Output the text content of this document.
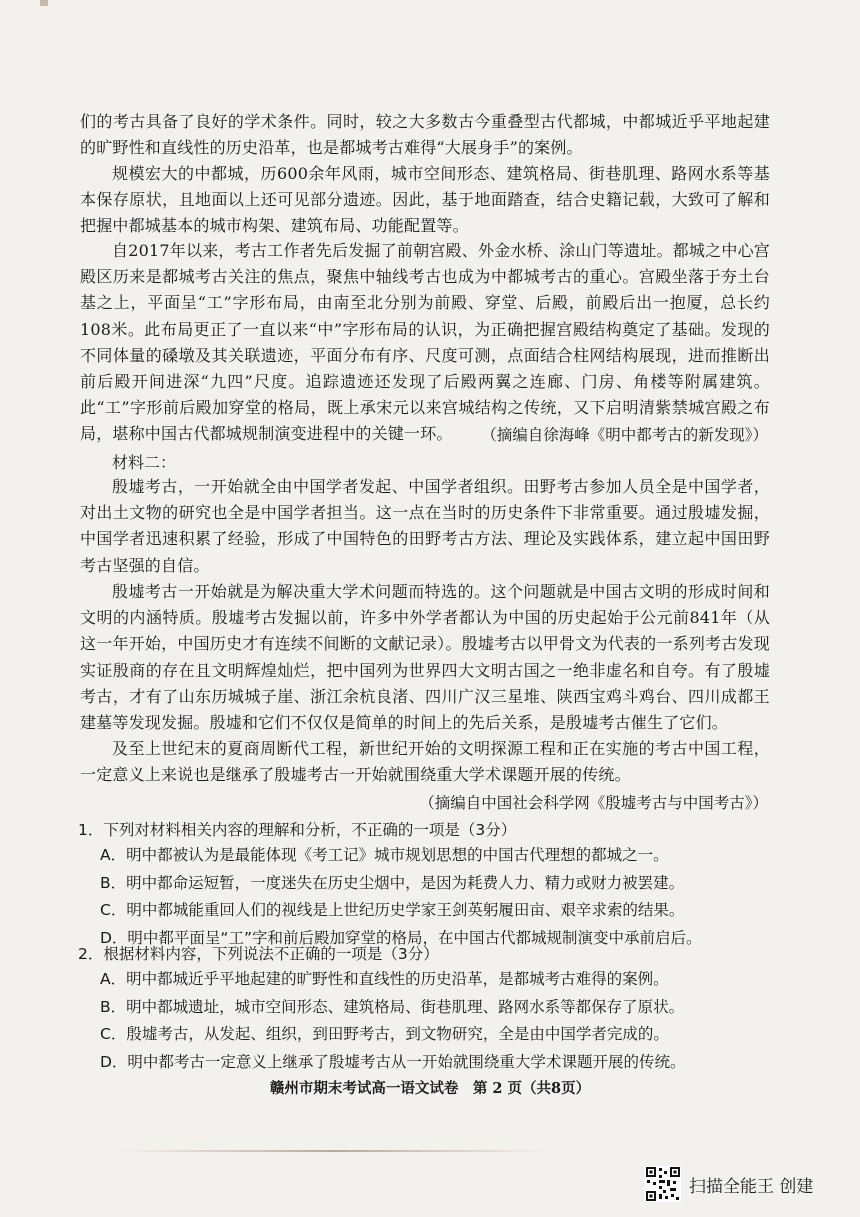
们的考古具备了良好的学术条件。同时，较之大多数古今重叠型古代都城，中都城近乎平地起建的旷野性和直线性的历史沿革，也是都城考古难得“大展身手”的案例。

规模宏大的中都城，历600余年风雨，城市空间形态、建筑格局、街巷肌理、路网水系等基本保存原状，且地面以上还可见部分遗迹。因此，基于地面踏查，结合史籍记载，大致可了解和把握中都城基本的城市构架、建筑布局、功能配置等。

自2017年以来，考古工作者先后发掘了前朝宫殿、外金水桥、涂山门等遗址。都城之中心宫殿区历来是都城考古关注的焦点，聚焦中轴线考古也成为中都城考古的重心。宫殿坐落于夯土台基之上，平面呈“工”字形布局，由南至北分别为前殿、穿堂、后殿，前殿后出一抱厦，总长约108米。此布局更正了一直以来“中”字形布局的认识，为正确把握宫殿结构奠定了基础。发现的不同体量的磉墩及其关联遗迹，平面分布有序、尺度可测，点面结合柱网结构展现，进而推断出前后殿开间进深“九四”尺度。追踪遗迹还发现了后殿两翼之连廊、门房、角楼等附属建筑。此“工”字形前后殿加穿堂的格局，既上承宋元以来宫城结构之传统，又下启明清紫禁城宫殿之布局，堪称中国古代都城规制演变进程中的关键一环。	（摘编自徐海峰《明中都考古的新发现》）

材料二：

殷墟考古，一开始就全由中国学者发起、中国学者组织。田野考古参加人员全是中国学者，对出土文物的研究也全是中国学者担当。这一点在当时的历史条件下非常重要。通过殷墟发掘，中国学者迅速积累了经验，形成了中国特色的田野考古方法、理论及实践体系，建立起中国田野考古坚强的自信。

殷墟考古一开始就是为解决重大学术问题而特选的。这个问题就是中国古文明的形成时间和文明的内涵特质。殷墟考古发掘以前，许多中外学者都认为中国的历史起始于公元前841年（从这一年开始，中国历史才有连续不间断的文献记录）。殷墟考古以甲骨文为代表的一系列考古发现实证殷商的存在且文明辉煌灿烂，把中国列为世界四大文明古国之一绝非虚名和自夸。有了殷墟考古，才有了山东历城城子崖、浙江余杭良渚、四川广汉三星堆、陕西宝鸡斗鸡台、四川成都王建墓等发现发掘。殷墟和它们不仅仅是简单的时间上的先后关系，是殷墟考古催生了它们。

及至上世纪末的夏商周断代工程，新世纪开始的文明探源工程和正在实施的考古中国工程，一定意义上来说也是继承了殷墟考古一开始就围绕重大学术课题开展的传统。

（摘编自中国社会科学网《殷墟考古与中国考古》）

1．下列对材料相关内容的理解和分析，不正确的一项是（3分）

A．明中都被认为是最能体现《考工记》城市规划思想的中国古代理想的都城之一。
B．明中都命运短暂，一度迷失在历史尘烟中，是因为耗费人力、精力或财力被罢建。
C．明中都城能重回人们的视线是上世纪历史学家王剑英躬履田亩、艰辛求索的结果。
D．明中都平面呈“工”字和前后殿加穿堂的格局，在中国古代都城规制演变中承前启后。

2．根据材料内容，下列说法不正确的一项是（3分）

A．明中都城近乎平地起建的旷野性和直线性的历史沿革，是都城考古难得的案例。
B．明中都城遗址，城市空间形态、建筑格局、街巷肌理、路网水系等都保存了原状。
C．殷墟考古，从发起、组织，到田野考古，到文物研究，全是由中国学者完成的。
D．明中都考古一定意义上继承了殷墟考古从一开始就围绕重大学术课题开展的传统。

赣州市期末考试高一语文试卷　第 2 页（共8页）

扫描全能王 创建
